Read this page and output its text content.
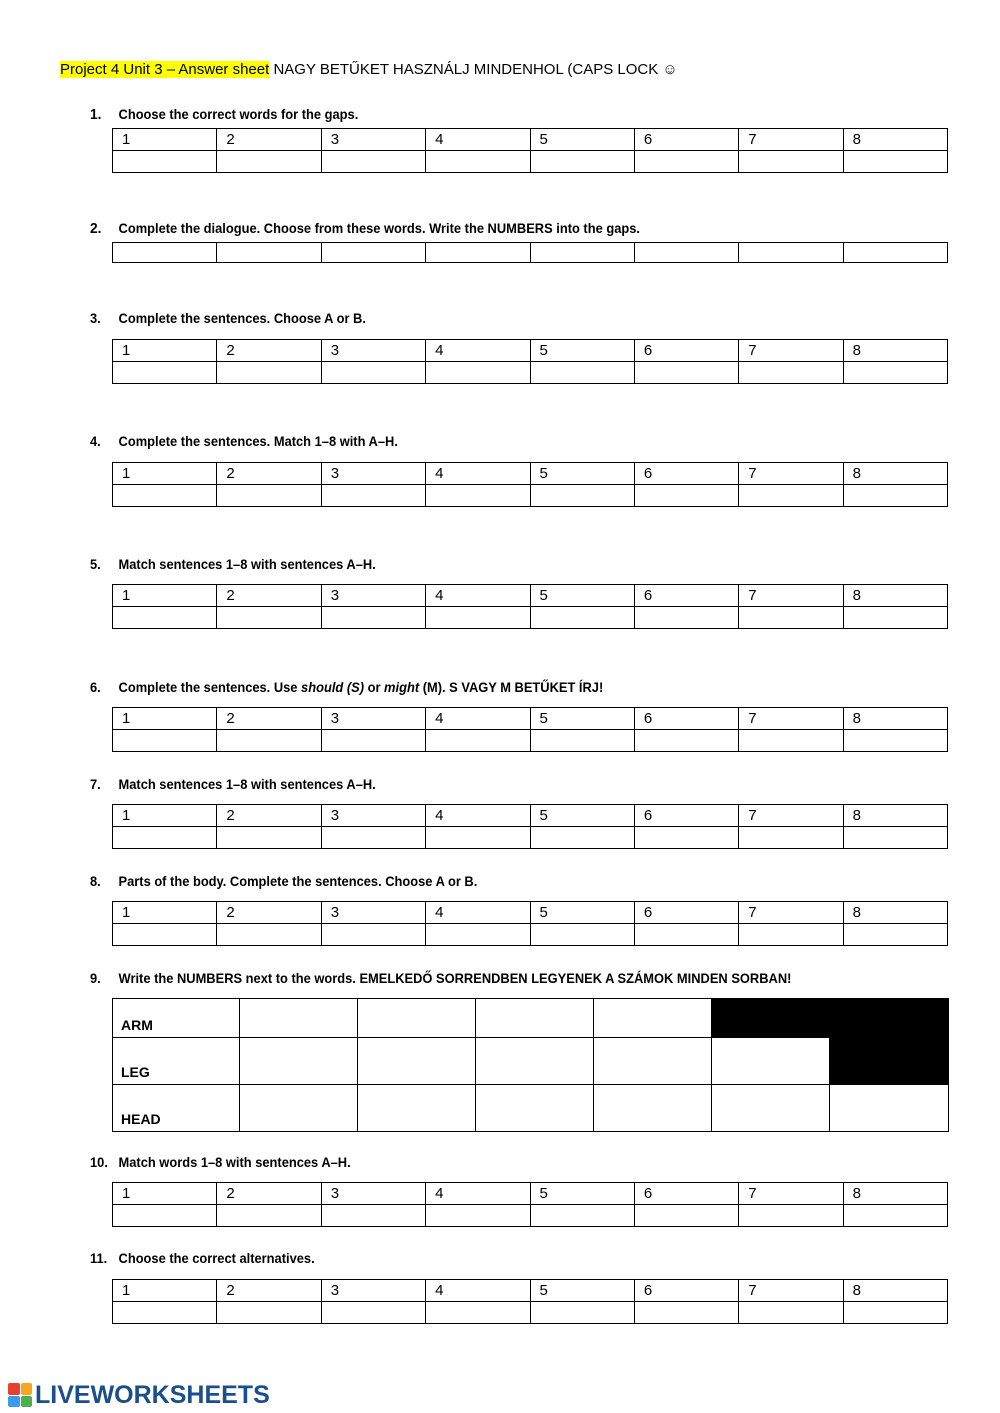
Project 4 Unit 3 – Answer sheet NAGY BETŰKET HASZNÁLJ MINDENHOL (CAPS LOCK ☺
1. Choose the correct words for the gaps.
1	2	3	4	5	6	7	8

2. Complete the dialogue. Choose from these words. Write the NUMBERS into the gaps.

3. Complete the sentences. Choose A or B.
1	2	3	4	5	6	7	8

4. Complete the sentences. Match 1–8 with A–H.
1	2	3	4	5	6	7	8

5. Match sentences 1–8 with sentences A–H.
1	2	3	4	5	6	7	8

6. Complete the sentences. Use should (S) or might (M). S VAGY M BETŰKET ÍRJ!
1	2	3	4	5	6	7	8

7. Match sentences 1–8 with sentences A–H.
1	2	3	4	5	6	7	8

8. Parts of the body. Complete the sentences. Choose A or B.
1	2	3	4	5	6	7	8

9. Write the NUMBERS next to the words. EMELKEDŐ SORRENDBEN LEGYENEK A SZÁMOK MINDEN SORBAN!
ARM						
LEG						
HEAD						
10. Match words 1–8 with sentences A–H.
1	2	3	4	5	6	7	8

11. Choose the correct alternatives.
1	2	3	4	5	6	7	8

LIVEWORKSHEETS
